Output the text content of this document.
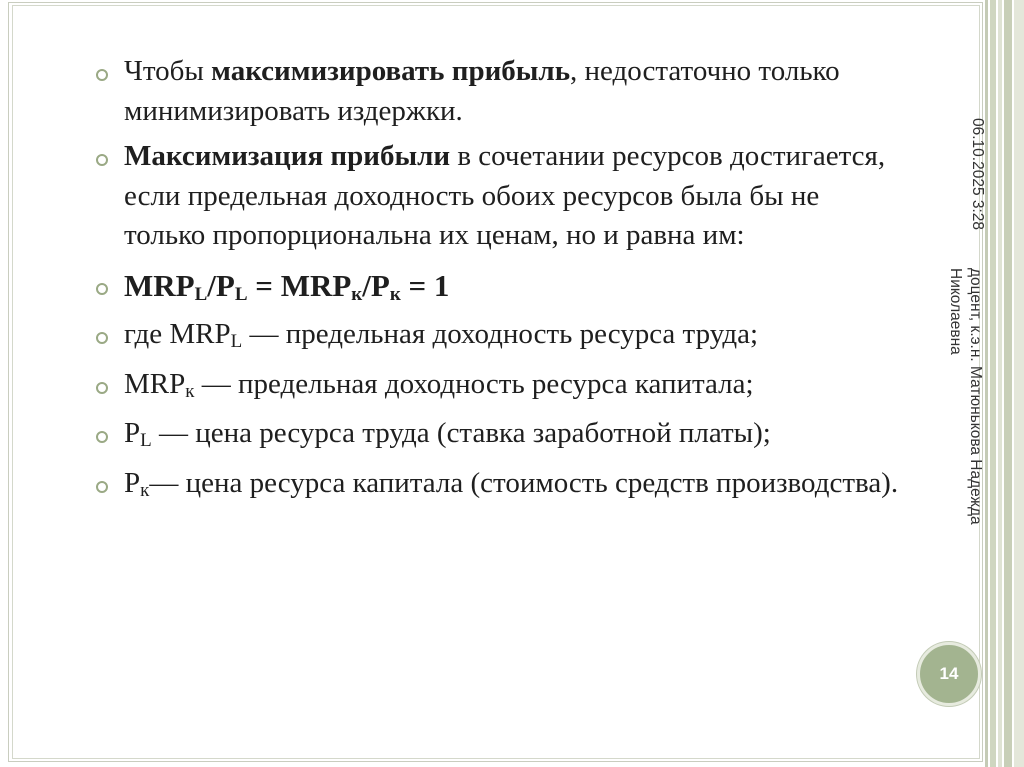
Чтобы максимизировать прибыль, недостаточно только минимизировать издержки.
Максимизация прибыли в сочетании ресурсов достигается, если предельная доходность обоих ресурсов была бы не только пропорциональна их ценам, но и равна им:
$MRP_L/P_L = MRP_к/P_к = 1$
где $MRP_L$ — предельная доходность ресурса труда;
$MRP_к$ — предельная доходность ресурса капитала;
$P_L$ — цена ресурса труда (ставка заработной платы);
$P_к—$ цена ресурса капитала (стоимость средств производства).
06.10.2025 3:28
доцент, к.э.н. Матюнькова Надежда Николаевна
14
